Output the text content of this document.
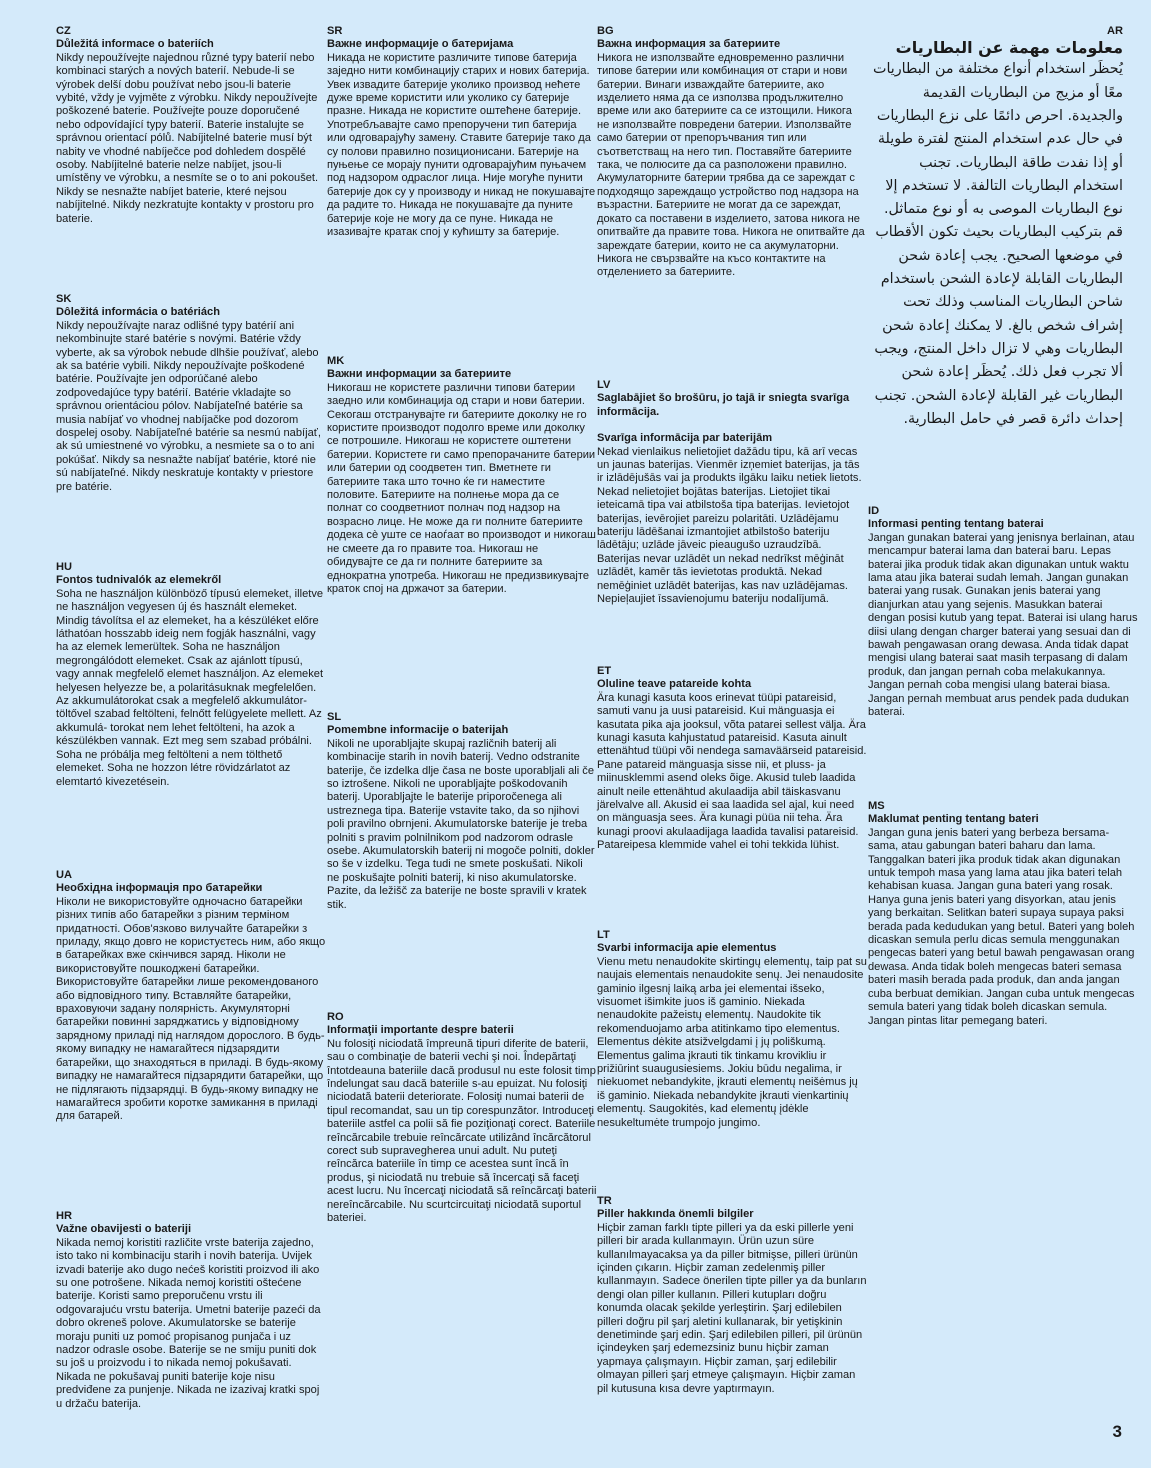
CZ

Důležitá informace o bateriích

Nikdy nepoužívejte najednou různé typy baterií nebo kombinaci starých a nových baterií. Nebude-li se výrobek delší dobu používat nebo jsou-li baterie vybité, vždy je vyjměte z výrobku. Nikdy nepoužívejte poškozené baterie. Používejte pouze doporučené nebo odpovídající typy baterií. Baterie instalujte se správnou orientací pólů. Nabíjitelné baterie musí být nabity ve vhodné nabíječce pod dohledem dospělé osoby. Nabíjitelné baterie nelze nabíjet, jsou-li umístěny ve výrobku, a nesmíte se o to ani pokoušet. Nikdy se nesnažte nabíjet baterie, které nejsou nabíjitelné. Nikdy nezkratujte kontakty v prostoru pro baterie.

SK

Dôležitá informácia o batériách

Nikdy nepoužívajte naraz odlišné typy batérií ani nekombinujte staré batérie s novými. Batérie vždy vyberte, ak sa výrobok nebude dlhšie používať, alebo ak sa batérie vybili. Nikdy nepoužívajte poškodené batérie. Používajte jen odporúčané alebo zodpovedajúce typy batérií. Batérie vkladajte so správnou orientáciou pólov. Nabíjateľné batérie sa musia nabíjať vo vhodnej nabíjačke pod dozorom dospelej osoby. Nabíjateľné batérie sa nesmú nabíjať, ak sú umiestnené vo výrobku, a nesmiete sa o to ani pokúšať. Nikdy sa nesnažte nabíjať batérie, ktoré nie sú nabíjateľné. Nikdy neskratuje kontakty v priestore pre batérie.

HU

Fontos tudnivalók az elemekről

Soha ne használjon különböző típusú elemeket, illetve ne használjon vegyesen új és használt elemeket. Mindig távolítsa el az elemeket, ha a készüléket előre láthatóan hosszabb ideig nem fogják használni, vagy ha az elemek lemerültek. Soha ne használjon megrongálódott elemeket. Csak az ajánlott típusú, vagy annak megfelelő elemet használjon. Az elemeket helyesen helyezze be, a polaritásuknak megfelelően. Az akkumulátorokat csak a megfelelő akkumulátor- töltővel szabad feltölteni, felnőtt felügyelete mellett. Az akkumulá- torokat nem lehet feltölteni, ha azok a készülékben vannak. Ezt meg sem szabad próbálni. Soha ne próbálja meg feltölteni a nem tölthető elemeket. Soha ne hozzon létre rövidzárlatot az elemtartó kivezetésein.

UA

Необхідна інформація про батарейки

Ніколи не використовуйте одночасно батарейки різних типів або батарейки з різним терміном придатності. Обов'язково вилучайте батарейки з приладу, якщо довго не користуєтесь ним, або якщо в батарейках вже скінчився заряд. Ніколи не використовуйте пошкоджені батарейки. Використовуйте батарейки лише рекомендованого або відповідного типу. Вставляйте батарейки, враховуючи задану полярність. Акумуляторні батарейки повинні заряджатись у відповідному зарядному приладі під наглядом дорослого. В будь-якому випадку не намагайтеся підзарядити батарейки, що знаходяться в приладі. В будь-якому випадку не намагайтеся підзарядити батарейки, що не підлягають підзарядці. В будь-якому випадку не намагайтеся зробити коротке замикання в приладі для батарей.

HR

Važne obavijesti o bateriji

Nikada nemoj koristiti različite vrste baterija zajedno, isto tako ni kombinaciju starih i novih baterija. Uvijek izvadi baterije ako dugo nećeš koristiti proizvod ili ako su one potrošene. Nikada nemoj koristiti oštećene baterije. Koristi samo preporučenu vrstu ili odgovarajuću vrstu baterija. Umetni baterije pazeći da dobro okreneš polove. Akumulatorske se baterije moraju puniti uz pomoć propisanog punjača i uz nadzor odrasle osobe. Baterije se ne smiju puniti dok su još u proizvodu i to nikada nemoj pokušavati. Nikada ne pokušavaj puniti baterije koje nisu predviđene za punjenje. Nikada ne izazivaj kratki spoj u držaču baterija.

SR

Важне информације о батеријама

Никада не користите различите типове батерија заједно нити комбинацију старих и нових батерија. Увек извадите батерије уколико производ нећете дуже време користити или уколико су батерије празне. Никада не користите оштећене батерије. Употребљавајте само препоручени тип батерија или одговарајућу замену. Ставите батерије тако да су полови правилно позиционисани. Батерије на пуњење се морају пунити одговарајућим пуњачем под надзором одраслог лица. Није могуће пунити батерије док су у производу и никад не покушавајте да радите то. Никада не покушавајте да пуните батерије које не могу да се пуне. Никада не изазивајте кратак спој у кућишту за батерије.

MK

Важни информации за батериите

Никогаш не користете различни типови батерии заедно или комбинација од стари и нови батерии. Секогаш отстранувајте ги батериите доколку не го користите производот подолго време или доколку се потрошиле. Никогаш не користете оштетени батерии. Користете ги само препорачаните батерии или батерии од соодветен тип. Вметнете ги батериите така што точно ќе ги наместите половите. Батериите на полнење мора да се полнат со соодветниот полнач под надзор на возрасно лице. Не може да ги полните батериите додека сè уште се наоѓаат во производот и никогаш не смеете да го правите тоа. Никогаш не обидувајте се да ги полните батериите за еднократна употреба. Никогаш не предизвикувајте краток спој на држачот за батерии.

SL

Pomembne informacije o baterijah

Nikoli ne uporabljajte skupaj različnih baterij ali kombinacije starih in novih baterij. Vedno odstranite baterije, če izdelka dlje časa ne boste uporabljali ali če so iztrošene. Nikoli ne uporabljajte poškodovanih baterij. Uporabljajte le baterije priporočenega ali ustreznega tipa. Baterije vstavite tako, da so njihovi poli pravilno obrnjeni. Akumulatorske baterije je treba polniti s pravim polnilnikom pod nadzorom odrasle osebe. Akumulatorskih baterij ni mogoče polniti, dokler so še v izdelku. Tega tudi ne smete poskušati. Nikoli ne poskušajte polniti baterij, ki niso akumulatorske. Pazite, da ležišč za baterije ne boste spravili v kratek stik.

RO

Informaţii importante despre baterii

Nu folosiţi niciodată împreună tipuri diferite de baterii, sau o combinaţie de baterii vechi şi noi. Îndepărtaţi întotdeauna bateriile dacă produsul nu este folosit timp îndelungat sau dacă bateriile s-au epuizat. Nu folosiţi niciodată baterii deteriorate. Folosiţi numai baterii de tipul recomandat, sau un tip corespunzător. Introduceţi bateriile astfel ca polii să fie poziţionaţi corect. Bateriile reîncărcabile trebuie reîncărcate utilizând încărcătorul corect sub supravegherea unui adult. Nu puteţi reîncărca bateriile în timp ce acestea sunt încă în produs, şi niciodată nu trebuie să încercaţi să faceţi acest lucru. Nu încercaţi niciodată să reîncărcaţi baterii nereîncărcabile. Nu scurtcircuitaţi niciodată suportul bateriei.

BG

Важна информация за батериите

Никога не използвайте едновременно различни типове батерии или комбинация от стари и нови батерии. Винаги изваждайте батериите, ако изделието няма да се използва продължително време или ако батериите са се изтощили. Никога не използвайте повредени батерии. Използвайте само батерии от препоръчвания тип или съответстващ на него тип. Поставяйте батериите така, че полюсите да са разположени правилно. Акумулаторните батерии трябва да се зареждат с подходящо зареждащо устройство под надзора на възрастни. Батериите не могат да се зареждат, докато са поставени в изделието, затова никога не опитвайте да правите това. Никога не опитвайте да зареждате батерии, които не са акумулаторни. Никога не свързвайте на късо контактите на отделението за батериите.

LV

Saglabājiet šo brošūru, jo tajā ir sniegta svarīga informācija.

Svarīga informācija par baterijām

Nekad vienlaikus nelietojiet dažādu tipu, kā arī vecas un jaunas baterijas. Vienmēr izņemiet baterijas, ja tās ir izlādējušās vai ja produkts ilgāku laiku netiek lietots. Nekad nelietojiet bojātas baterijas. Lietojiet tikai ieteicamā tipa vai atbilstoša tipa baterijas. Ievietojot baterijas, ievērojiet pareizu polaritāti. Uzlādējamu bateriju lādēšanai izmantojiet atbilstošo bateriju lādētāju; uzlāde jāveic pieaugušo uzraudzībā. Baterijas nevar uzlādēt un nekad nedrīkst mēģināt uzlādēt, kamēr tās ievietotas produktā. Nekad nemēģiniet uzlādēt baterijas, kas nav uzlādējamas. Nepieļaujiet īssavienojumu bateriju nodalījumā.

ET

Oluline teave patareide kohta

Ära kunagi kasuta koos erinevat tüüpi patareisid, samuti vanu ja uusi patareisid. Kui mänguasja ei kasutata pika aja jooksul, võta patarei sellest välja. Ära kunagi kasuta kahjustatud patareisid. Kasuta ainult ettenähtud tüüpi või nendega samaväärseid patareisid. Pane patareid mänguasja sisse nii, et pluss- ja miinusklemmi asend oleks õige. Akusid tuleb laadida ainult neile ettenähtud akulaadija abil täiskasvanu järelvalve all. Akusid ei saa laadida sel ajal, kui need on mänguasja sees. Ära kunagi püüa nii teha. Ära kunagi proovi akulaadijaga laadida tavalisi patareisid. Patareipesa klemmide vahel ei tohi tekkida lühist.

LT

Svarbi informacija apie elementus

Vienu metu nenaudokite skirtingų elementų, taip pat su naujais elementais nenaudokite senų. Jei nenaudosite gaminio ilgesnį laiką arba jei elementai išseko, visuomet išimkite juos iš gaminio. Niekada nenaudokite pažeistų elementų. Naudokite tik rekomenduojamo arba atitinkamo tipo elementus. Elementus dėkite atsižvelgdami į jų poliškumą. Elementus galima įkrauti tik tinkamu krovikliu ir prižiūrint suaugusiesiems. Jokiu būdu negalima, ir niekuomet nebandykite, įkrauti elementų neišėmus jų iš gaminio. Niekada nebandykite įkrauti vienkartinių elementų. Saugokitės, kad elementų įdėkle nesukeltumėte trumpojo jungimo.

TR

Piller hakkında önemli bilgiler

Hiçbir zaman farklı tipte pilleri ya da eski pillerle yeni pilleri bir arada kullanmayın. Ürün uzun süre kullanılmayacaksa ya da piller bitmişse, pilleri ürünün içinden çıkarın. Hiçbir zaman zedelenmiş piller kullanmayın. Sadece önerilen tipte piller ya da bunların dengi olan piller kullanın. Pilleri kutupları doğru konumda olacak şekilde yerleştirin. Şarj edilebilen pilleri doğru pil şarj aletini kullanarak, bir yetişkinin denetiminde şarj edin. Şarj edilebilen pilleri, pil ürünün içindeyken şarj edemezsiniz bunu hiçbir zaman yapmaya çalışmayın. Hiçbir zaman, şarj edilebilir olmayan pilleri şarj etmeye çalışmayın. Hiçbir zaman pil kutusuna kısa devre yaptırmayın.

AR

معلومات مهمة عن البطاريات

يُحظَر استخدام أنواع مختلفة من البطاريات معًا أو مزيج من البطاريات القديمة والجديدة. احرص دائمًا على نزع البطاريات في حال عدم استخدام المنتج لفترة طويلة أو إذا نفدت طاقة البطاريات. تجنب استخدام البطاريات التالفة. لا تستخدم إلا نوع البطاريات الموصى به أو نوع متماثل. قم بتركيب البطاريات بحيث تكون الأقطاب في موضعها الصحيح. يجب إعادة شحن البطاريات القابلة لإعادة الشحن باستخدام شاحن البطاريات المناسب وذلك تحت إشراف شخص بالغ. لا يمكنك إعادة شحن البطاريات وهي لا تزال داخل المنتج، ويجب ألا تجرب فعل ذلك. يُحظَر إعادة شحن البطاريات غير القابلة لإعادة الشحن. تجنب إحداث دائرة قصر في حامل البطارية.

ID

Informasi penting tentang baterai

Jangan gunakan baterai yang jenisnya berlainan, atau mencampur baterai lama dan baterai baru. Lepas baterai jika produk tidak akan digunakan untuk waktu lama atau jika baterai sudah lemah. Jangan gunakan baterai yang rusak. Gunakan jenis baterai yang dianjurkan atau yang sejenis. Masukkan baterai dengan posisi kutub yang tepat. Baterai isi ulang harus diisi ulang dengan charger baterai yang sesuai dan di bawah pengawasan orang dewasa. Anda tidak dapat mengisi ulang baterai saat masih terpasang di dalam produk, dan jangan pernah coba melakukannya. Jangan pernah coba mengisi ulang baterai biasa. Jangan pernah membuat arus pendek pada dudukan baterai.

MS

Maklumat penting tentang bateri

Jangan guna jenis bateri yang berbeza bersama-sama, atau gabungan bateri baharu dan lama. Tanggalkan bateri jika produk tidak akan digunakan untuk tempoh masa yang lama atau jika bateri telah kehabisan kuasa. Jangan guna bateri yang rosak. Hanya guna jenis bateri yang disyorkan, atau jenis yang berkaitan. Selitkan bateri supaya supaya paksi berada pada kedudukan yang betul. Bateri yang boleh dicaskan semula perlu dicas semula menggunakan pengecas bateri yang betul bawah pengawasan orang dewasa. Anda tidak boleh mengecas bateri semasa bateri masih berada pada produk, dan anda jangan cuba berbuat demikian. Jangan cuba untuk mengecas semula bateri yang tidak boleh dicaskan semula. Jangan pintas litar pemegang bateri.

3
